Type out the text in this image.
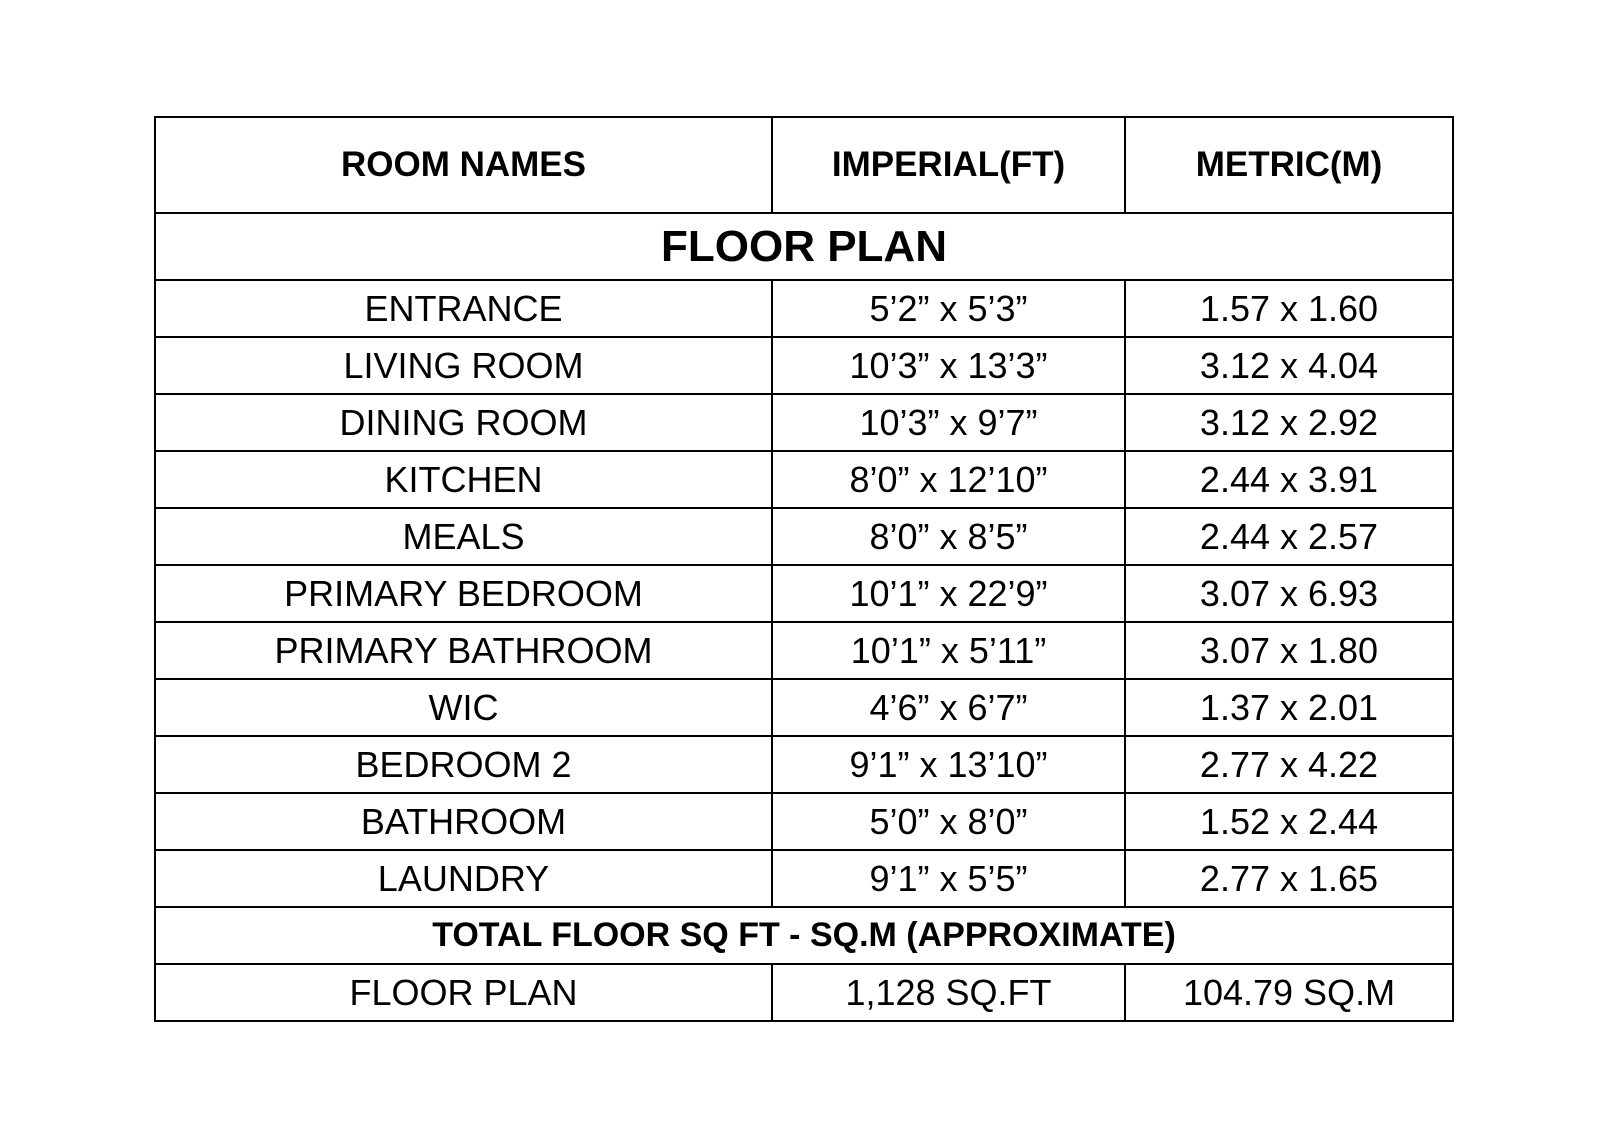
ROOM NAMES	IMPERIAL(FT)	METRIC(M)
FLOOR PLAN		
ENTRANCE	5’2” x 5’3”	1.57 x 1.60
LIVING ROOM	10’3” x 13’3”	3.12 x 4.04
DINING ROOM	10’3” x 9’7”	3.12 x 2.92
KITCHEN	8’0” x 12’10”	2.44 x 3.91
MEALS	8’0” x 8’5”	2.44 x 2.57
PRIMARY BEDROOM	10’1” x 22’9”	3.07 x 6.93
PRIMARY BATHROOM	10’1” x 5’11”	3.07 x 1.80
WIC	4’6” x 6’7”	1.37 x 2.01
BEDROOM 2	9’1” x 13’10”	2.77 x 4.22
BATHROOM	5’0” x 8’0”	1.52 x 2.44
LAUNDRY	9’1” x 5’5”	2.77 x 1.65
TOTAL FLOOR SQ FT - SQ.M (APPROXIMATE)		
FLOOR PLAN	1,128 SQ.FT	104.79 SQ.M
